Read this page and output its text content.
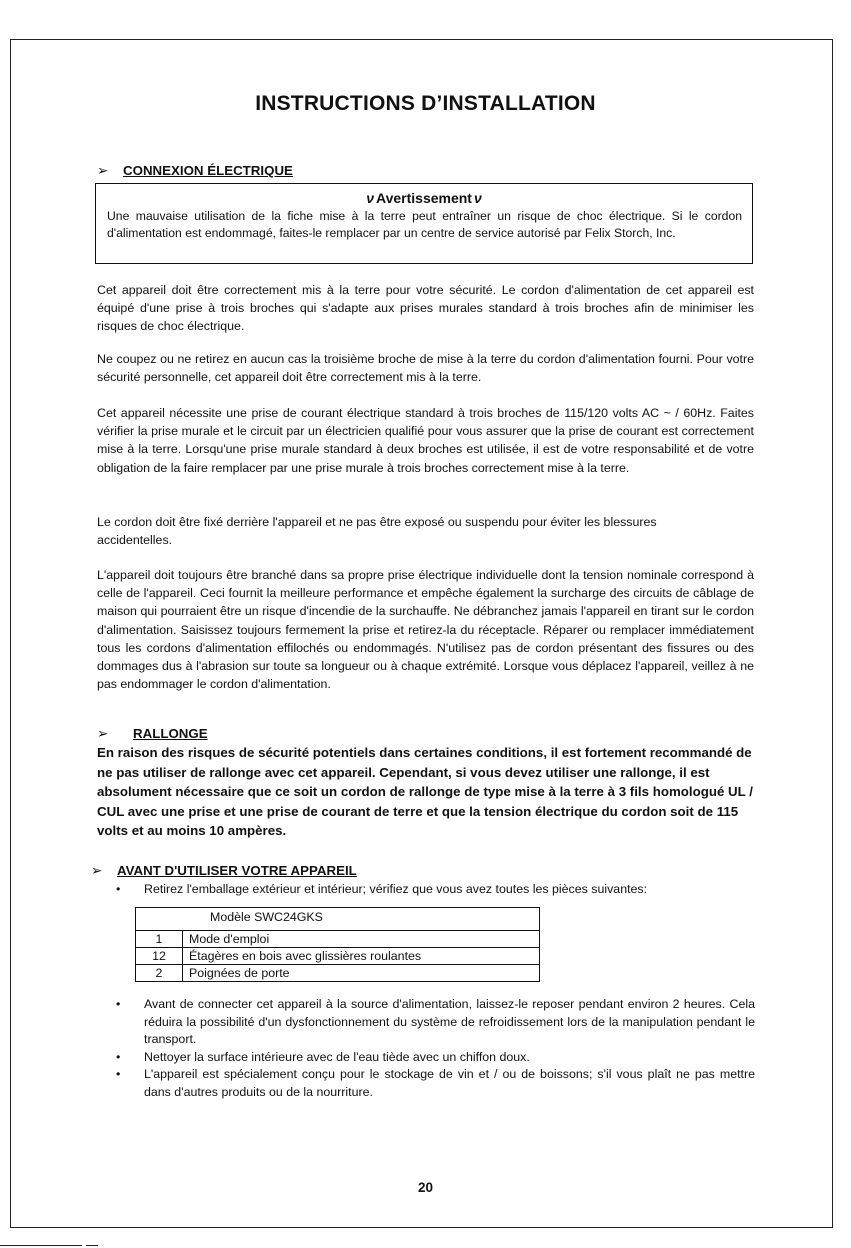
INSTRUCTIONS D’INSTALLATION
➢ CONNEXION ÉLECTRIQUE
ν Avertissement ν
Une mauvaise utilisation de la fiche mise à la terre peut entraîner un risque de choc électrique. Si le cordon d'alimentation est endommagé, faites-le remplacer par un centre de service autorisé par Felix Storch, Inc.
Cet appareil doit être correctement mis à la terre pour votre sécurité. Le cordon d'alimentation de cet appareil est équipé d'une prise à trois broches qui s'adapte aux prises murales standard à trois broches afin de minimiser les risques de choc électrique.
Ne coupez ou ne retirez en aucun cas la troisième broche de mise à la terre du cordon d'alimentation fourni. Pour votre sécurité personnelle, cet appareil doit être correctement mis à la terre.
Cet appareil nécessite une prise de courant électrique standard à trois broches de 115/120 volts AC ~ / 60Hz. Faites vérifier la prise murale et le circuit par un électricien qualifié pour vous assurer que la prise de courant est correctement mise à la terre. Lorsqu'une prise murale standard à deux broches est utilisée, il est de votre responsabilité et de votre obligation de la faire remplacer par une prise murale à trois broches correctement mise à la terre.
Le cordon doit être fixé derrière l'appareil et ne pas être exposé ou suspendu pour éviter les blessures accidentelles.
L'appareil doit toujours être branché dans sa propre prise électrique individuelle dont la tension nominale correspond à celle de l'appareil. Ceci fournit la meilleure performance et empêche également la surcharge des circuits de câblage de maison qui pourraient être un risque d'incendie de la surchauffe. Ne débranchez jamais l'appareil en tirant sur le cordon d'alimentation. Saisissez toujours fermement la prise et retirez-la du réceptacle. Réparer ou remplacer immédiatement tous les cordons d'alimentation effilochés ou endommagés. N'utilisez pas de cordon présentant des fissures ou des dommages dus à l'abrasion sur toute sa longueur ou à chaque extrémité. Lorsque vous déplacez l'appareil, veillez à ne pas endommager le cordon d'alimentation.
➢ RALLONGE
En raison des risques de sécurité potentiels dans certaines conditions, il est fortement recommandé de ne pas utiliser de rallonge avec cet appareil. Cependant, si vous devez utiliser une rallonge, il est absolument nécessaire que ce soit un cordon de rallonge de type mise à la terre à 3 fils homologué UL / CUL avec une prise et une prise de courant de terre et que la tension électrique du cordon soit de 115 volts et au moins 10 ampères.
➢ AVANT D'UTILISER VOTRE APPAREIL
• Retirez l'emballage extérieur et intérieur; vérifiez que vous avez toutes les pièces suivantes:
Modèle SWC24GKS	
1	Mode d'emploi
12	Étagères en bois avec glissières roulantes
2	Poignées de porte
• Avant de connecter cet appareil à la source d'alimentation, laissez-le reposer pendant environ 2 heures. Cela réduira la possibilité d'un dysfonctionnement du système de refroidissement lors de la manipulation pendant le transport.
• Nettoyer la surface intérieure avec de l'eau tiède avec un chiffon doux.
• L'appareil est spécialement conçu pour le stockage de vin et / ou de boissons; s'il vous plaît ne pas mettre dans d'autres produits ou de la nourriture.
20
